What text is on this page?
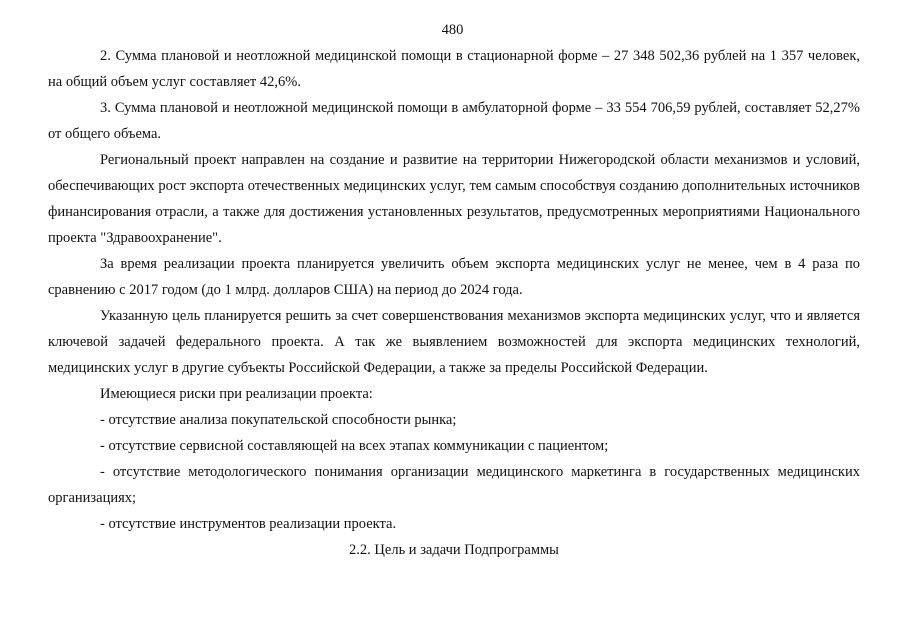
480

2. Сумма плановой и неотложной медицинской помощи в стационарной форме – 27 348 502,36 рублей на 1 357 человек, на общий объем услуг составляет 42,6%.

3. Сумма плановой и неотложной медицинской помощи в амбулаторной форме – 33 554 706,59 рублей, составляет 52,27% от общего объема.

Региональный проект направлен на создание и развитие на территории Нижегородской области механизмов и условий, обеспечивающих рост экспорта отечественных медицинских услуг, тем самым способствуя созданию дополнительных источников финансирования отрасли, а также для достижения установленных результатов, предусмотренных мероприятиями Национального проекта "Здравоохранение".

За время реализации проекта планируется увеличить объем экспорта медицинских услуг не менее, чем в 4 раза по сравнению с 2017 годом (до 1 млрд. долларов США) на период до 2024 года.

Указанную цель планируется решить за счет совершенствования механизмов экспорта медицинских услуг, что и является ключевой задачей федерального проекта. А так же выявлением возможностей для экспорта медицинских технологий, медицинских услуг в другие субъекты Российской Федерации, а также за пределы Российской Федерации.

Имеющиеся риски при реализации проекта:

- отсутствие анализа покупательской способности рынка;

- отсутствие сервисной составляющей на всех этапах коммуникации с пациентом;

- отсутствие методологического понимания организации медицинского маркетинга в государственных медицинских организациях;

- отсутствие инструментов реализации проекта.

2.2. Цель и задачи Подпрограммы
